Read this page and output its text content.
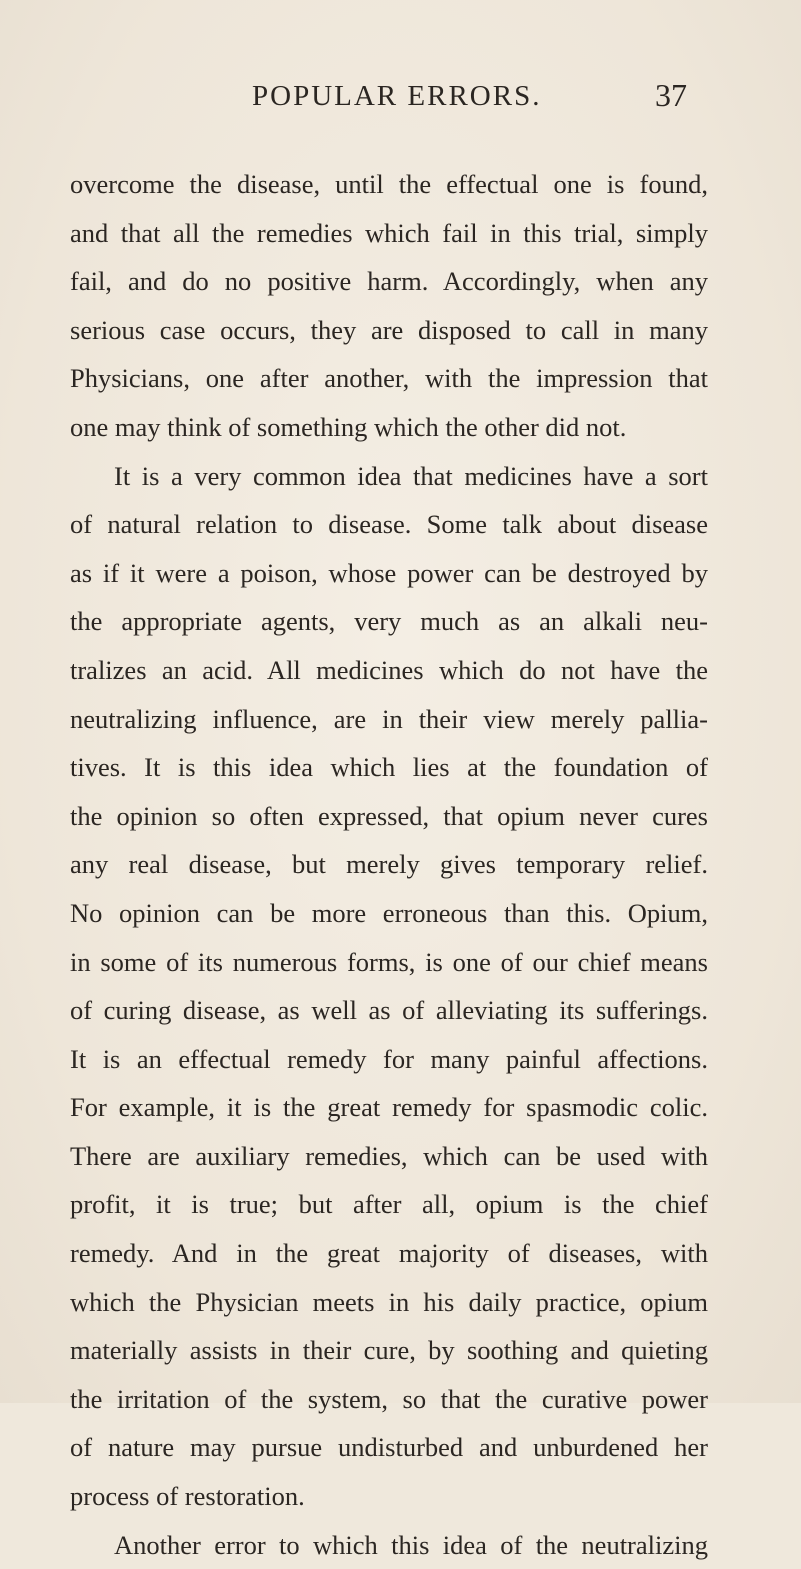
POPULAR ERRORS.	37
overcome the disease, until the effectual one is found,
and that all the remedies which fail in this trial, simply
fail, and do no positive harm. Accordingly, when any
serious case occurs, they are disposed to call in many
Physicians, one after another, with the impression that
one may think of something which the other did not.
It is a very common idea that medicines have a sort
of natural relation to disease. Some talk about disease
as if it were a poison, whose power can be destroyed by
the appropriate agents, very much as an alkali neu-
tralizes an acid. All medicines which do not have the
neutralizing influence, are in their view merely pallia-
tives. It is this idea which lies at the foundation of
the opinion so often expressed, that opium never cures
any real disease, but merely gives temporary relief.
No opinion can be more erroneous than this. Opium,
in some of its numerous forms, is one of our chief means
of curing disease, as well as of alleviating its sufferings.
It is an effectual remedy for many painful affections.
For example, it is the great remedy for spasmodic colic.
There are auxiliary remedies, which can be used with
profit, it is true; but after all, opium is the chief
remedy. And in the great majority of diseases, with
which the Physician meets in his daily practice, opium
materially assists in their cure, by soothing and quieting
the irritation of the system, so that the curative power
of nature may pursue undisturbed and unburdened her
process of restoration.
Another error to which this idea of the neutralizing
